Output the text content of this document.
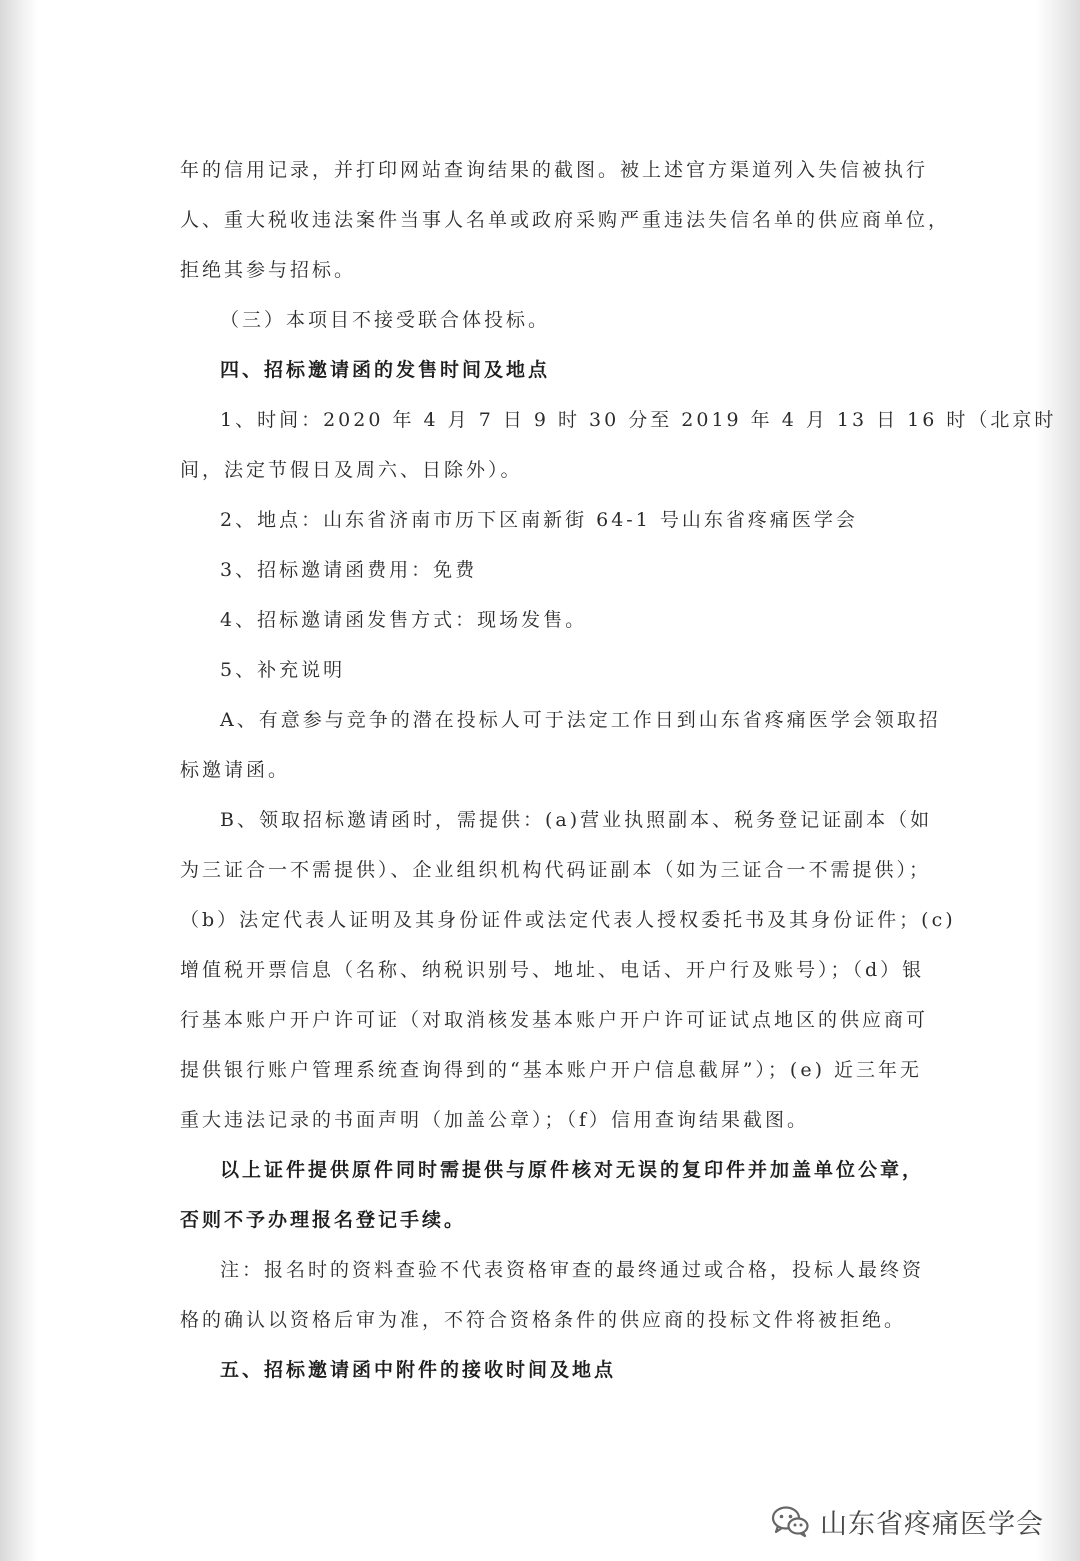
年的信用记录，并打印网站查询结果的截图。被上述官方渠道列入失信被执行
人、重大税收违法案件当事人名单或政府采购严重违法失信名单的供应商单位，
拒绝其参与招标。
（三）本项目不接受联合体投标。
四、招标邀请函的发售时间及地点
1、时间：2020 年 4 月 7 日 9 时 30 分至 2019 年 4 月 13 日 16 时（北京时
间，法定节假日及周六、日除外）。
2、地点：山东省济南市历下区南新街 64-1 号山东省疼痛医学会
3、招标邀请函费用：免费
4、招标邀请函发售方式：现场发售。
5、补充说明
A、有意参与竞争的潜在投标人可于法定工作日到山东省疼痛医学会领取招
标邀请函。
B、领取招标邀请函时，需提供：(a)营业执照副本、税务登记证副本（如
为三证合一不需提供）、企业组织机构代码证副本（如为三证合一不需提供）；
（b）法定代表人证明及其身份证件或法定代表人授权委托书及其身份证件；(c)
增值税开票信息（名称、纳税识别号、地址、电话、开户行及账号）；（d）银
行基本账户开户许可证（对取消核发基本账户开户许可证试点地区的供应商可
提供银行账户管理系统查询得到的“基本账户开户信息截屏”）；(e) 近三年无
重大违法记录的书面声明（加盖公章）；（f）信用查询结果截图。
以上证件提供原件同时需提供与原件核对无误的复印件并加盖单位公章，
否则不予办理报名登记手续。
注：报名时的资料查验不代表资格审查的最终通过或合格，投标人最终资
格的确认以资格后审为准，不符合资格条件的供应商的投标文件将被拒绝。
五、招标邀请函中附件的接收时间及地点
山东省疼痛医学会
